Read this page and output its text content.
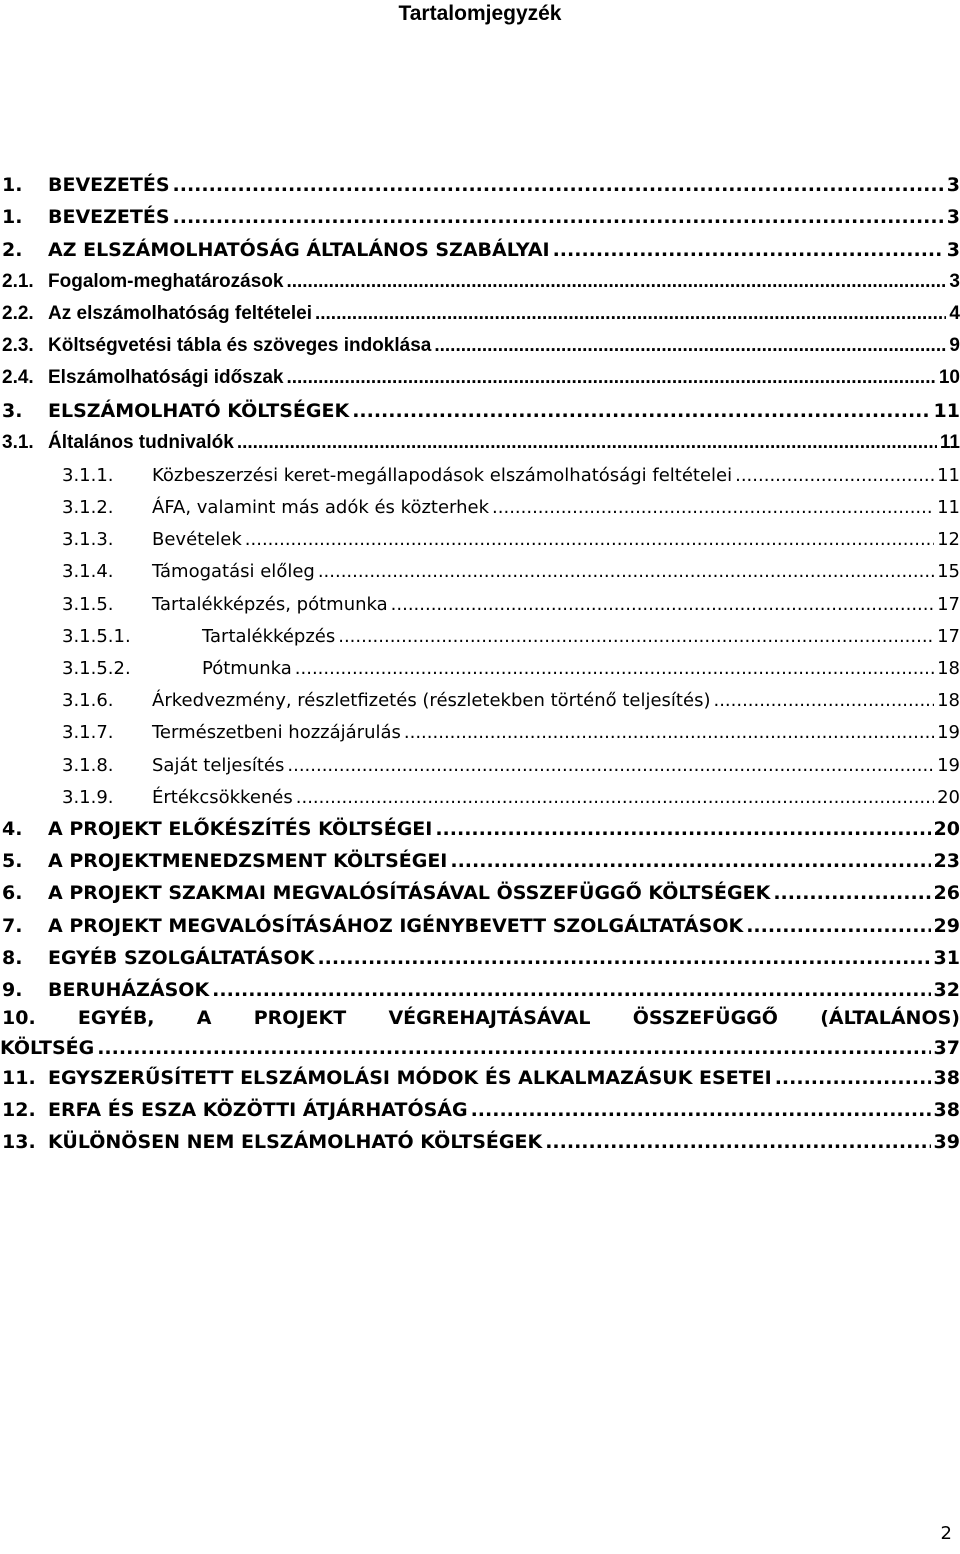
Tartalomjegyzék
1.	BEVEZETÉS .....	3
1.	BEVEZETÉS .....	3
2.	AZ ELSZÁMOLHATÓSÁG ÁLTALÁNOS SZABÁLYAI .....	3
2.1. Fogalom-meghatározások .....	3
2.2. Az elszámolhatóság feltételei .....	4
2.3. Költségvetési tábla és szöveges indoklása .....	9
2.4. Elszámolhatósági időszak .....	10
3.	ELSZÁMOLHATÓ KÖLTSÉGEK .....	11
3.1. Általános tudnivalók .....	11
3.1.1.	Közbeszerzési keret-megállapodások elszámolhatósági feltételei .....	11
3.1.2.	ÁFA, valamint más adók és közterhek .....	11
3.1.3.	Bevételek .....	12
3.1.4.	Támogatási előleg .....	15
3.1.5.	Tartalékképzés, pótmunka .....	17
3.1.5.1.	Tartalékképzés .....	17
3.1.5.2.	Pótmunka .....	18
3.1.6.	Árkedvezmény, részletfizetés (részletekben történő teljesítés) .....	18
3.1.7.	Természetbeni hozzájárulás .....	19
3.1.8.	Saját teljesítés .....	19
3.1.9.	Értékcsökkenés .....	20
4.	A PROJEKT ELŐKÉSZÍTÉS KÖLTSÉGEI .....	20
5.	A PROJEKTMENEDZSMENT KÖLTSÉGEI .....	23
6.	A PROJEKT SZAKMAI MEGVALÓSÍTÁSÁVAL ÖSSZEFÜGGŐ KÖLTSÉGEK .....	26
7.	A PROJEKT MEGVALÓSÍTÁSÁHOZ IGÉNYBEVETT SZOLGÁLTATÁSOK .....	29
8.	EGYÉB SZOLGÁLTATÁSOK .....	31
9.	BERUHÁZÁSOK .....	32
10. EGYÉB, A PROJEKT VÉGREHAJTÁSÁVAL ÖSSZEFÜGGŐ (ÁLTALÁNOS)
KÖLTSÉG .....	37
11. EGYSZERŰSÍTETT ELSZÁMOLÁSI MÓDOK ÉS ALKALMAZÁSUK ESETEI .....	38
12. ERFA ÉS ESZA KÖZÖTTI ÁTJÁRHATÓSÁG .....	38
13. KÜLÖNÖSEN NEM ELSZÁMOLHATÓ KÖLTSÉGEK .....	39
2
